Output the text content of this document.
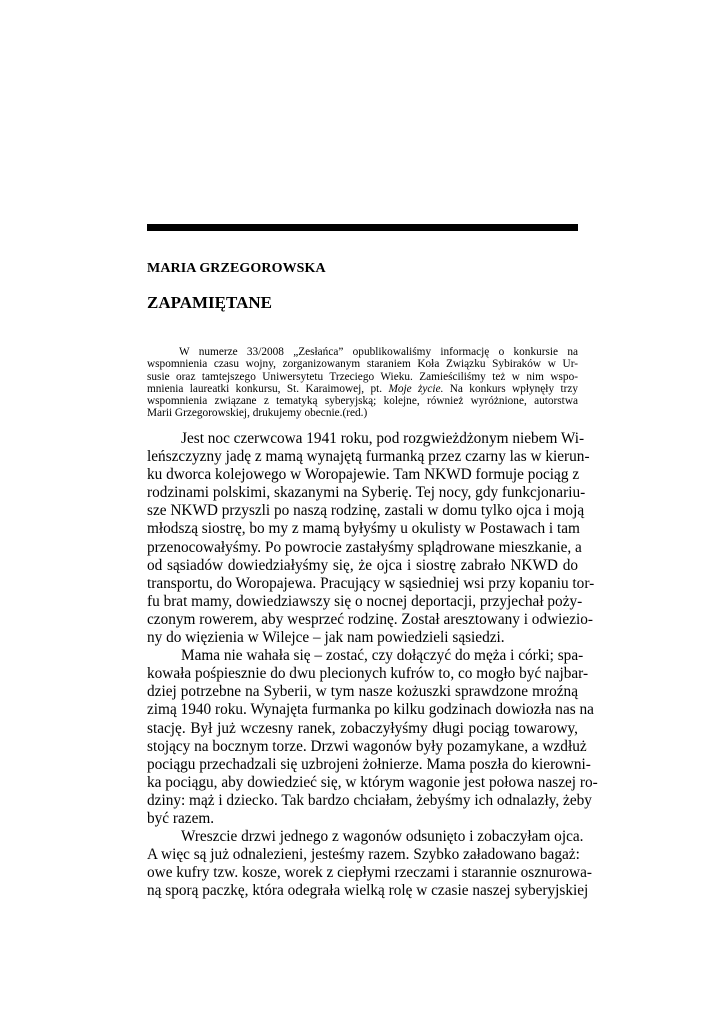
MARIA GRZEGOROWSKA
ZAPAMIĘTANE
W numerze 33/2008 „Zesłańca” opublikowaliśmy informację o konkursie na
wspomnienia czasu wojny, zorganizowanym staraniem Koła Związku Sybiraków w Ur-
susie oraz tamtejszego Uniwersytetu Trzeciego Wieku. Zamieściliśmy też w nim wspo-
mnienia laureatki konkursu, St. Karaimowej, pt. Moje życie. Na konkurs wpłynęły trzy
wspomnienia związane z tematyką syberyjską; kolejne, również wyróżnione, autorstwa
Marii Grzegorowskiej, drukujemy obecnie.(red.)
Jest noc czerwcowa 1941 roku, pod rozgwieżdżonym niebem Wi-
leńszczyzny jadę z mamą wynajętą furmanką przez czarny las w kierun-
ku dworca kolejowego w Woropajewie. Tam NKWD formuje pociąg z
rodzinami polskimi, skazanymi na Syberię. Tej nocy, gdy funkcjonariu-
sze NKWD przyszli po naszą rodzinę, zastali w domu tylko ojca i moją
młodszą siostrę, bo my z mamą byłyśmy u okulisty w Postawach i tam
przenocowałyśmy. Po powrocie zastałyśmy splądrowane mieszkanie, a
od sąsiadów dowiedziałyśmy się, że ojca i siostrę zabrało NKWD do
transportu, do Woropajewa. Pracujący w sąsiedniej wsi przy kopaniu tor-
fu brat mamy, dowiedziawszy się o nocnej deportacji, przyjechał poży-
czonym rowerem, aby wesprzeć rodzinę. Został aresztowany i odwiezio-
ny do więzienia w Wilejce – jak nam powiedzieli sąsiedzi.
Mama nie wahała się – zostać, czy dołączyć do męża i córki; spa-
kowała pośpiesznie do dwu plecionych kufrów to, co mogło być najbar-
dziej potrzebne na Syberii, w tym nasze kożuszki sprawdzone mroźną
zimą 1940 roku. Wynajęta furmanka po kilku godzinach dowiozła nas na
stację. Był już wczesny ranek, zobaczyłyśmy długi pociąg towarowy,
stojący na bocznym torze. Drzwi wagonów były pozamykane, a wzdłuż
pociągu przechadzali się uzbrojeni żołnierze. Mama poszła do kierowni-
ka pociągu, aby dowiedzieć się, w którym wagonie jest połowa naszej ro-
dziny: mąż i dziecko. Tak bardzo chciałam, żebyśmy ich odnalazły, żeby
być razem.
Wreszcie drzwi jednego z wagonów odsunięto i zobaczyłam ojca.
A więc są już odnalezieni, jesteśmy razem. Szybko załadowano bagaż:
owe kufry tzw. kosze, worek z ciepłymi rzeczami i starannie osznurowa-
ną sporą paczkę, która odegrała wielką rolę w czasie naszej syberyjskiej
